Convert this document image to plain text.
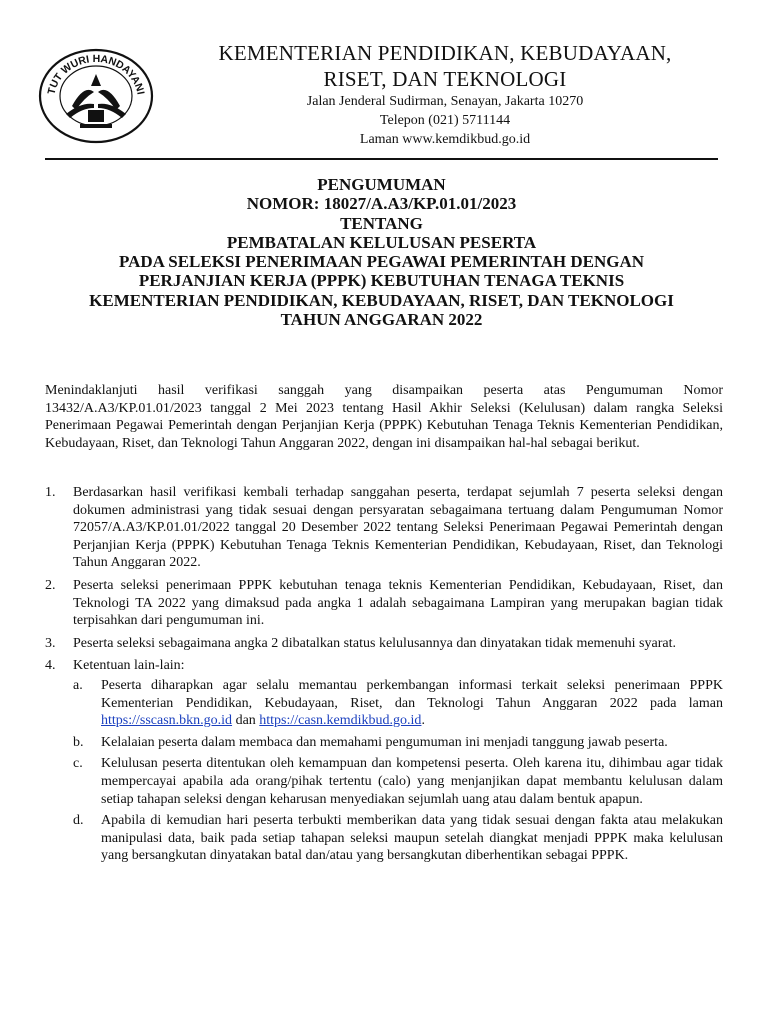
TUT WURI HANDAYANI
KEMENTERIAN PENDIDIKAN, KEBUDAYAAN,
RISET, DAN TEKNOLOGI
Jalan Jenderal Sudirman, Senayan, Jakarta 10270
Telepon (021) 5711144
Laman www.kemdikbud.go.id
PENGUMUMAN
NOMOR: 18027/A.A3/KP.01.01/2023
TENTANG
PEMBATALAN KELULUSAN PESERTA
PADA SELEKSI PENERIMAAN PEGAWAI PEMERINTAH DENGAN
PERJANJIAN KERJA (PPPK) KEBUTUHAN TENAGA TEKNIS
KEMENTERIAN PENDIDIKAN, KEBUDAYAAN, RISET, DAN TEKNOLOGI
TAHUN ANGGARAN 2022

Menindaklanjuti hasil verifikasi sanggah yang disampaikan peserta atas Pengumuman Nomor 13432/A.A3/KP.01.01/2023 tanggal 2 Mei 2023 tentang Hasil Akhir Seleksi (Kelulusan) dalam rangka Seleksi Penerimaan Pegawai Pemerintah dengan Perjanjian Kerja (PPPK) Kebutuhan Tenaga Teknis Kementerian Pendidikan, Kebudayaan, Riset, dan Teknologi Tahun Anggaran 2022, dengan ini disampaikan hal-hal sebagai berikut.

1. Berdasarkan hasil verifikasi kembali terhadap sanggahan peserta, terdapat sejumlah 7 peserta seleksi dengan dokumen administrasi yang tidak sesuai dengan persyaratan sebagaimana tertuang dalam Pengumuman Nomor 72057/A.A3/KP.01.01/2022 tanggal 20 Desember 2022 tentang Seleksi Penerimaan Pegawai Pemerintah dengan Perjanjian Kerja (PPPK) Kebutuhan Tenaga Teknis Kementerian Pendidikan, Kebudayaan, Riset, dan Teknologi Tahun Anggaran 2022.
2. Peserta seleksi penerimaan PPPK kebutuhan tenaga teknis Kementerian Pendidikan, Kebudayaan, Riset, dan Teknologi TA 2022 yang dimaksud pada angka 1 adalah sebagaimana Lampiran yang merupakan bagian tidak terpisahkan dari pengumuman ini.
3. Peserta seleksi sebagaimana angka 2 dibatalkan status kelulusannya dan dinyatakan tidak memenuhi syarat.
4. Ketentuan lain-lain:
a. Peserta diharapkan agar selalu memantau perkembangan informasi terkait seleksi penerimaan PPPK Kementerian Pendidikan, Kebudayaan, Riset, dan Teknologi Tahun Anggaran 2022 pada laman https://sscasn.bkn.go.id dan https://casn.kemdikbud.go.id.
b. Kelalaian peserta dalam membaca dan memahami pengumuman ini menjadi tanggung jawab peserta.
c. Kelulusan peserta ditentukan oleh kemampuan dan kompetensi peserta. Oleh karena itu, dihimbau agar tidak mempercayai apabila ada orang/pihak tertentu (calo) yang menjanjikan dapat membantu kelulusan dalam setiap tahapan seleksi dengan keharusan menyediakan sejumlah uang atau dalam bentuk apapun.
d. Apabila di kemudian hari peserta terbukti memberikan data yang tidak sesuai dengan fakta atau melakukan manipulasi data, baik pada setiap tahapan seleksi maupun setelah diangkat menjadi PPPK maka kelulusan yang bersangkutan dinyatakan batal dan/atau yang bersangkutan diberhentikan sebagai PPPK.
